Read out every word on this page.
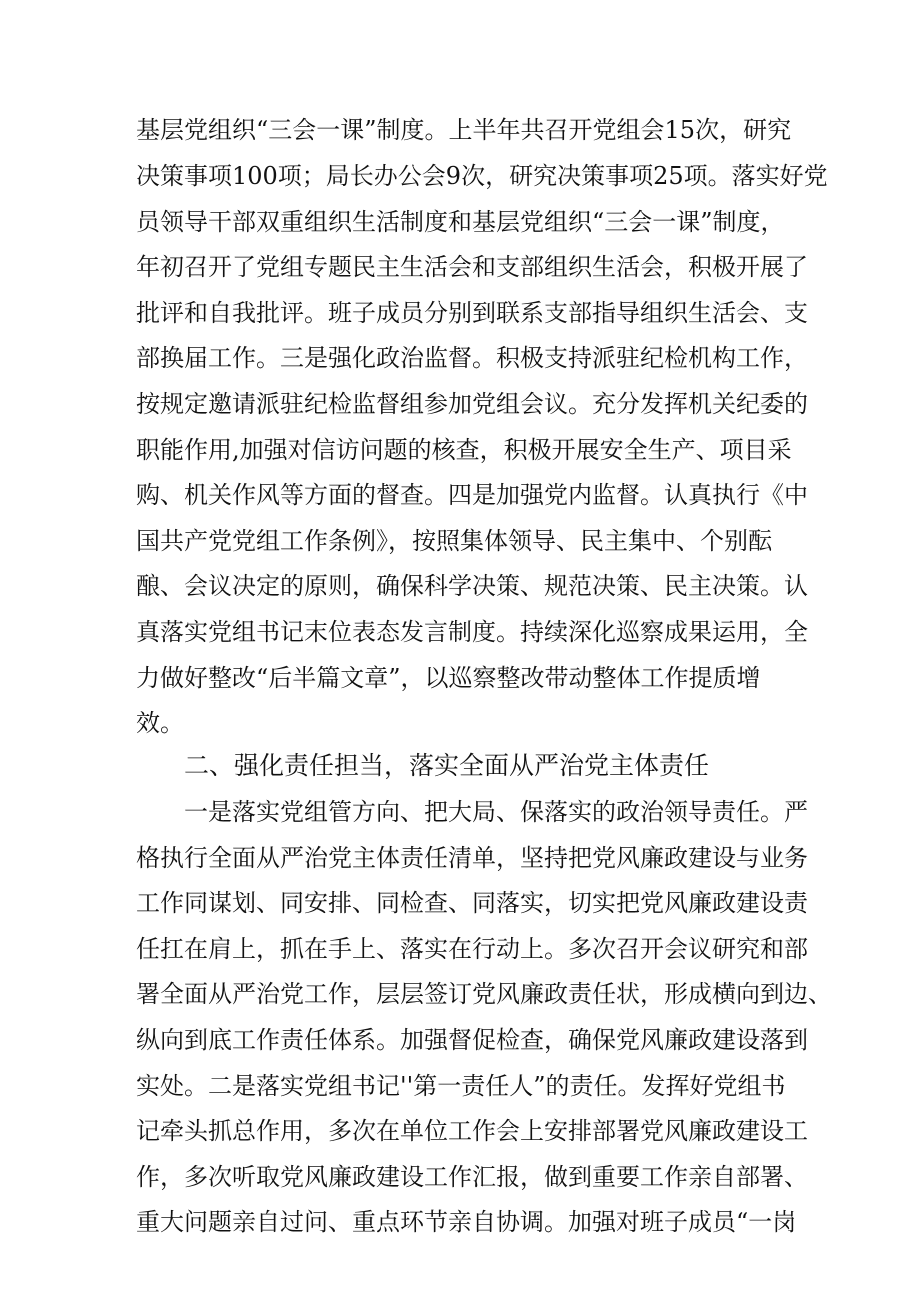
基层党组织“三会一课”制度。上半年共召开党组会15次，研究
决策事项100项；局长办公会9次，研究决策事项25项。落实好党
员领导干部双重组织生活制度和基层党组织“三会一课”制度，
年初召开了党组专题民主生活会和支部组织生活会，积极开展了
批评和自我批评。班子成员分别到联系支部指导组织生活会、支
部换届工作。三是强化政治监督。积极支持派驻纪检机构工作，
按规定邀请派驻纪检监督组参加党组会议。充分发挥机关纪委的
职能作用,加强对信访问题的核查，积极开展安全生产、项目采
购、机关作风等方面的督查。四是加强党内监督。认真执行《中
国共产党党组工作条例》，按照集体领导、民主集中、个别酝
酿、会议决定的原则，确保科学决策、规范决策、民主决策。认
真落实党组书记末位表态发言制度。持续深化巡察成果运用，全
力做好整改“后半篇文章”，以巡察整改带动整体工作提质增
效。
二、强化责任担当，落实全面从严治党主体责任
一是落实党组管方向、把大局、保落实的政治领导责任。严
格执行全面从严治党主体责任清单，坚持把党风廉政建设与业务
工作同谋划、同安排、同检查、同落实，切实把党风廉政建设责
任扛在肩上，抓在手上、落实在行动上。多次召开会议研究和部
署全面从严治党工作，层层签订党风廉政责任状，形成横向到边、
纵向到底工作责任体系。加强督促检查，确保党风廉政建设落到
实处。二是落实党组书记''第一责任人”的责任。发挥好党组书
记牵头抓总作用，多次在单位工作会上安排部署党风廉政建设工
作，多次听取党风廉政建设工作汇报，做到重要工作亲自部署、
重大问题亲自过问、重点环节亲自协调。加强对班子成员“一岗
